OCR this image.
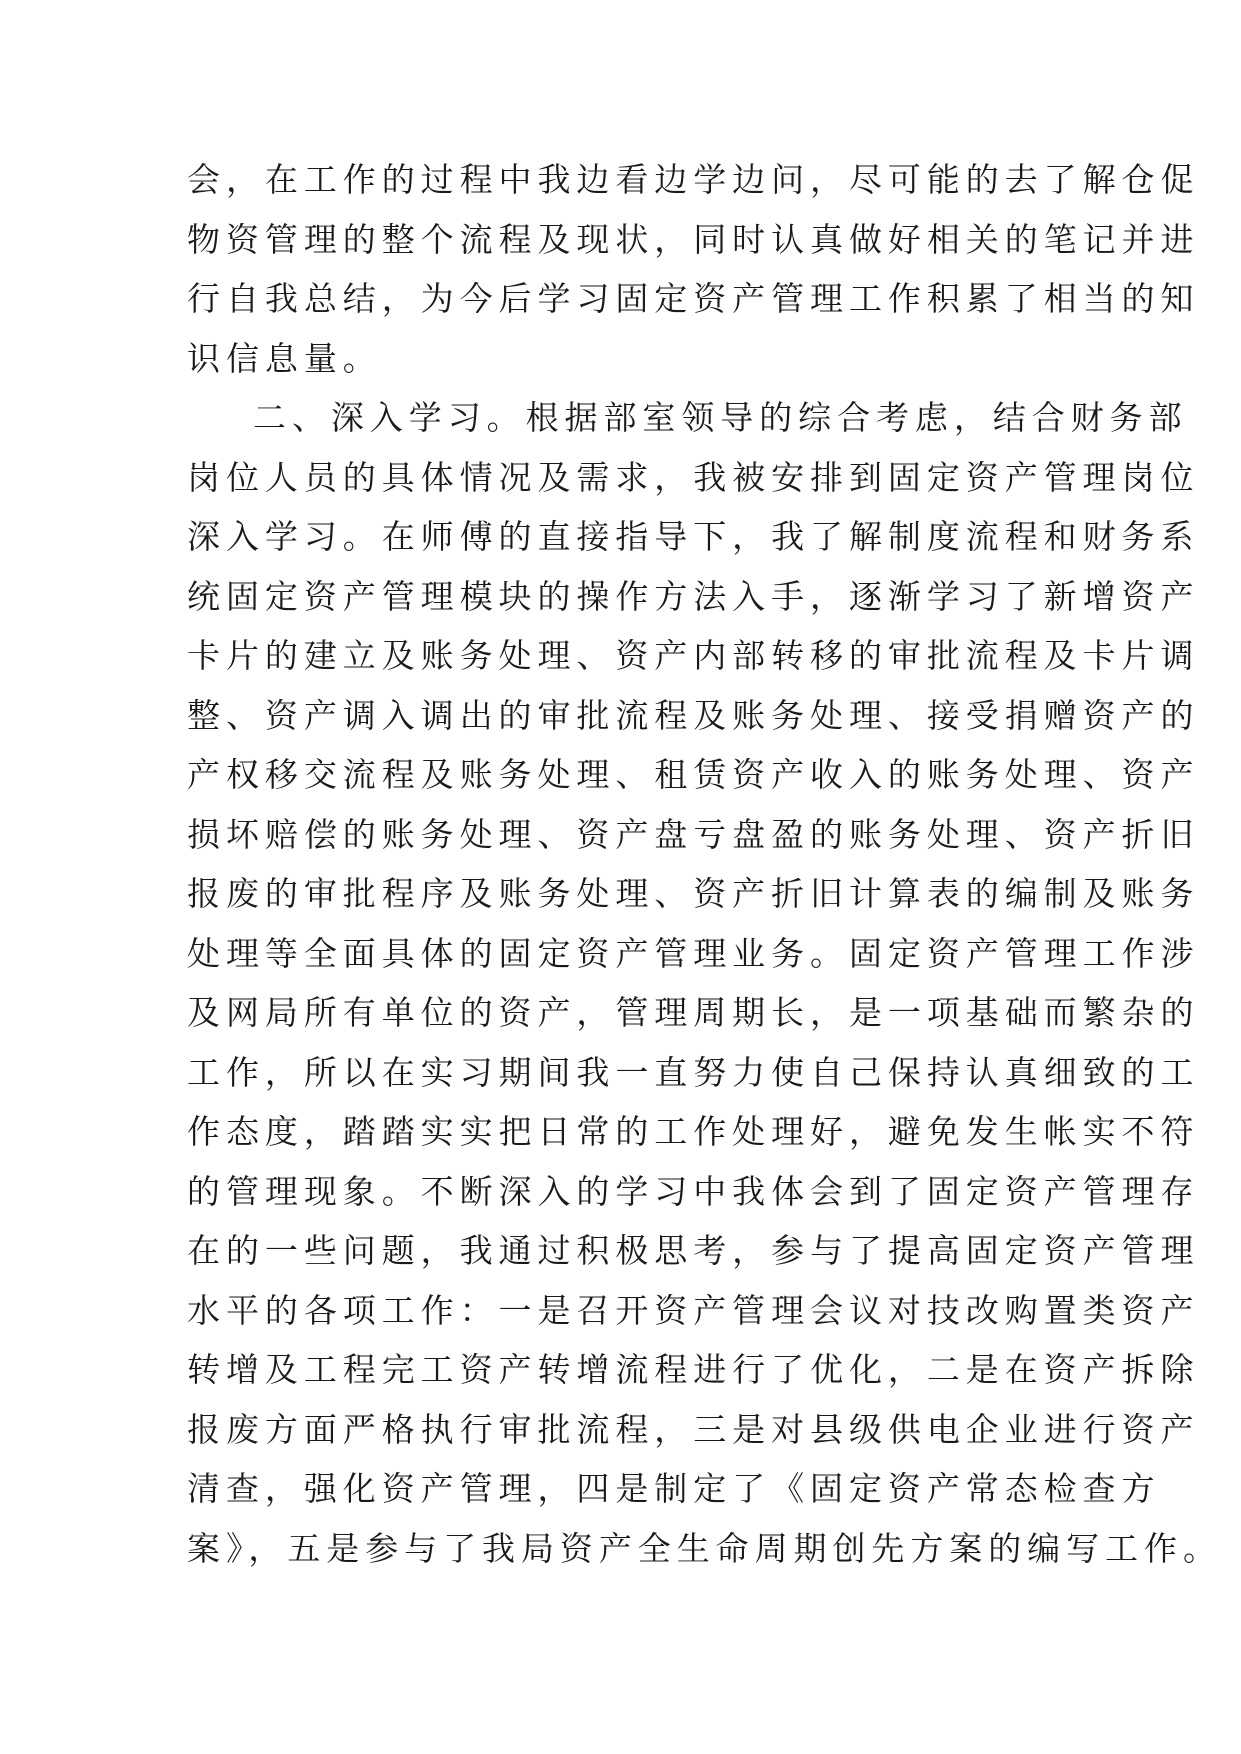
会，在工作的过程中我边看边学边问，尽可能的去了解仓促
物资管理的整个流程及现状，同时认真做好相关的笔记并进
行自我总结，为今后学习固定资产管理工作积累了相当的知
识信息量。
二、深入学习。根据部室领导的综合考虑，结合财务部
岗位人员的具体情况及需求，我被安排到固定资产管理岗位
深入学习。在师傅的直接指导下，我了解制度流程和财务系
统固定资产管理模块的操作方法入手，逐渐学习了新增资产
卡片的建立及账务处理、资产内部转移的审批流程及卡片调
整、资产调入调出的审批流程及账务处理、接受捐赠资产的
产权移交流程及账务处理、租赁资产收入的账务处理、资产
损坏赔偿的账务处理、资产盘亏盘盈的账务处理、资产折旧
报废的审批程序及账务处理、资产折旧计算表的编制及账务
处理等全面具体的固定资产管理业务。固定资产管理工作涉
及网局所有单位的资产，管理周期长，是一项基础而繁杂的
工作，所以在实习期间我一直努力使自己保持认真细致的工
作态度，踏踏实实把日常的工作处理好，避免发生帐实不符
的管理现象。不断深入的学习中我体会到了固定资产管理存
在的一些问题，我通过积极思考，参与了提高固定资产管理
水平的各项工作：一是召开资产管理会议对技改购置类资产
转增及工程完工资产转增流程进行了优化，二是在资产拆除
报废方面严格执行审批流程，三是对县级供电企业进行资产
清查，强化资产管理，四是制定了《固定资产常态检查方
案》，五是参与了我局资产全生命周期创先方案的编写工作。
